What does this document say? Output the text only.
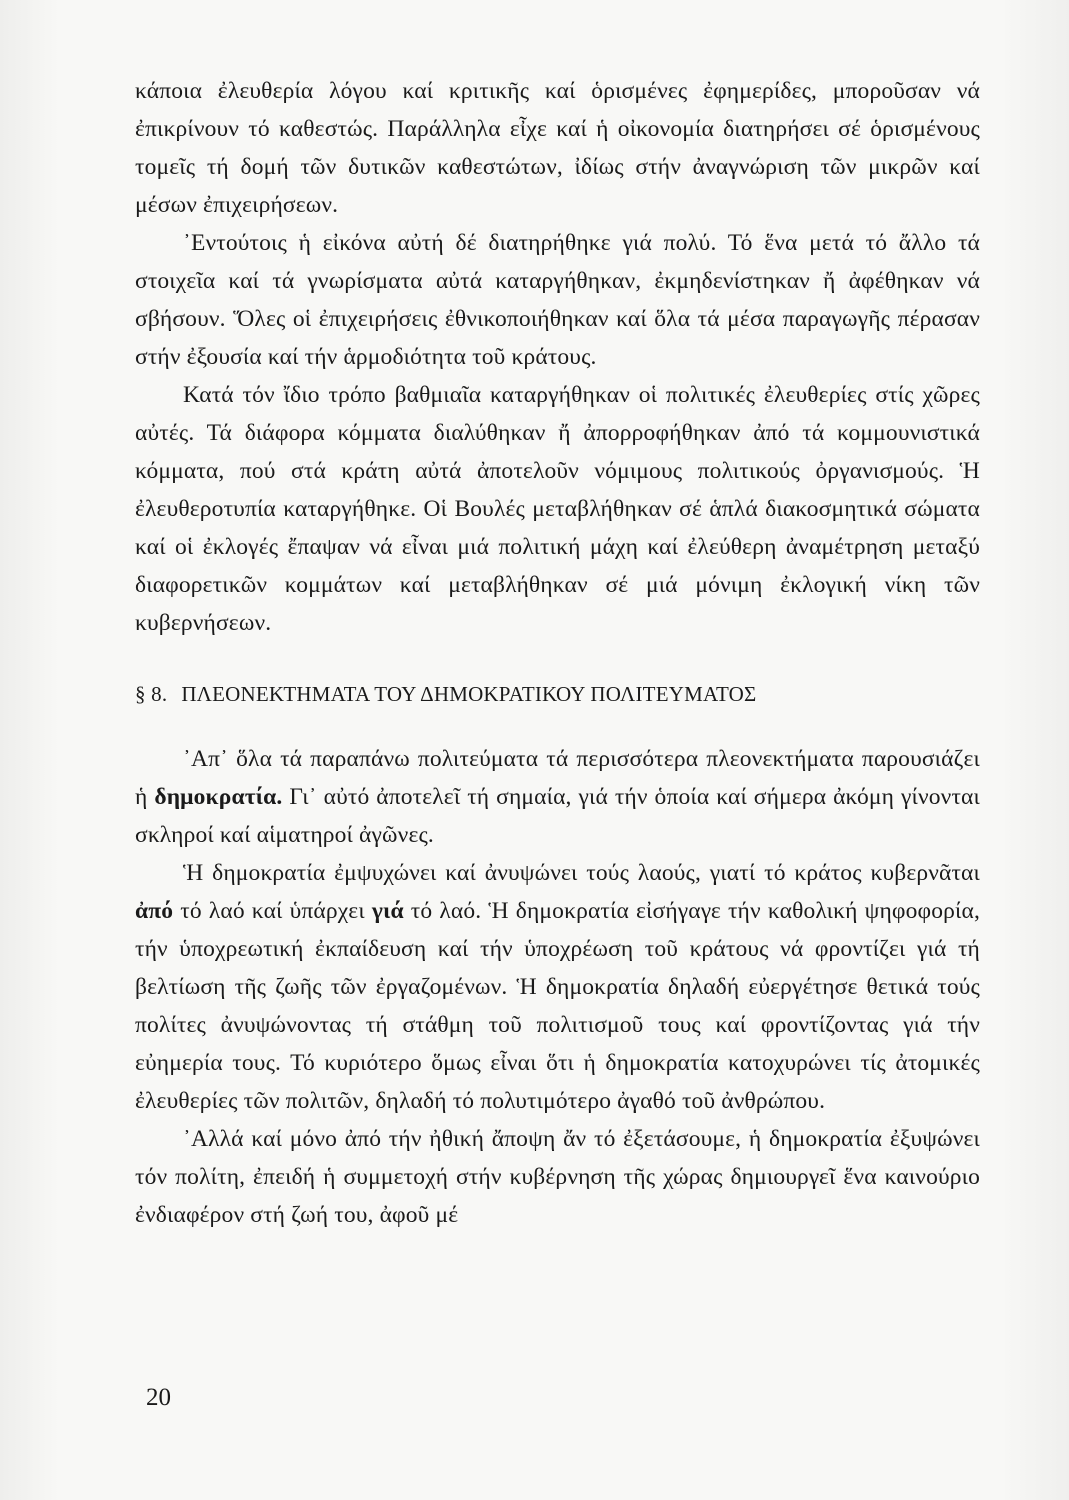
κάποια ἐλευθερία λόγου καί κριτικῆς καί ὁρισμένες ἐφημερίδες, μποροῦσαν νά ἐπικρίνουν τό καθεστώς. Παράλληλα εἶχε καί ἡ οἰκονομία διατηρήσει σέ ὁρισμένους τομεῖς τή δομή τῶν δυτικῶν καθεστώτων, ἰδίως στήν ἀναγνώριση τῶν μικρῶν καί μέσων ἐπιχειρήσεων.

᾿Εντούτοις ἡ εἰκόνα αὐτή δέ διατηρήθηκε γιά πολύ. Τό ἕνα μετά τό ἄλλο τά στοιχεῖα καί τά γνωρίσματα αὐτά καταργήθηκαν, ἐκμηδενίστηκαν ἤ ἀφέθηκαν νά σβήσουν. Ὅλες οἱ ἐπιχειρήσεις ἐθνικοποιήθηκαν καί ὅλα τά μέσα παραγωγῆς πέρασαν στήν ἐξουσία καί τήν ἁρμοδιότητα τοῦ κράτους.

Κατά τόν ἴδιο τρόπο βαθμιαῖα καταργήθηκαν οἱ πολιτικές ἐλευθερίες στίς χῶρες αὐτές. Τά διάφορα κόμματα διαλύθηκαν ἤ ἀπορροφήθηκαν ἀπό τά κομμουνιστικά κόμματα, πού στά κράτη αὐτά ἀποτελοῦν νόμιμους πολιτικούς ὀργανισμούς. Ἡ ἐλευθεροτυπία καταργήθηκε. Οἱ Βουλές μεταβλήθηκαν σέ ἁπλά διακοσμητικά σώματα καί οἱ ἐκλογές ἔπαψαν νά εἶναι μιά πολιτική μάχη καί ἐλεύθερη ἀναμέτρηση μεταξύ διαφορετικῶν κομμάτων καί μεταβλήθηκαν σέ μιά μόνιμη ἐκλογική νίκη τῶν κυβερνήσεων.

§ 8. ΠΛΕΟΝΕΚΤΗΜΑΤΑ ΤΟΥ ΔΗΜΟΚΡΑΤΙΚΟΥ ΠΟΛΙΤΕΥΜΑΤΟΣ

᾿Απ᾿ ὅλα τά παραπάνω πολιτεύματα τά περισσότερα πλεονεκτήματα παρουσιάζει ἡ δημοκρατία. Γι᾿ αὐτό ἀποτελεῖ τή σημαία, γιά τήν ὁποία καί σήμερα ἀκόμη γίνονται σκληροί καί αἱματηροί ἀγῶνες.

Ἡ δημοκρατία ἐμψυχώνει καί ἀνυψώνει τούς λαούς, γιατί τό κράτος κυβερνᾶται ἀπό τό λαό καί ὑπάρχει γιά τό λαό. Ἡ δημοκρατία εἰσήγαγε τήν καθολική ψηφοφορία, τήν ὑποχρεωτική ἐκπαίδευση καί τήν ὑποχρέωση τοῦ κράτους νά φροντίζει γιά τή βελτίωση τῆς ζωῆς τῶν ἐργαζομένων. Ἡ δημοκρατία δηλαδή εὐεργέτησε θετικά τούς πολίτες ἀνυψώνοντας τή στάθμη τοῦ πολιτισμοῦ τους καί φροντίζοντας γιά τήν εὐημερία τους. Τό κυριότερο ὅμως εἶναι ὅτι ἡ δημοκρατία κατοχυρώνει τίς ἀτομικές ἐλευθερίες τῶν πολιτῶν, δηλαδή τό πολυτιμότερο ἀγαθό τοῦ ἀνθρώπου.

᾿Αλλά καί μόνο ἀπό τήν ἠθική ἄποψη ἄν τό ἐξετάσουμε, ἡ δημοκρατία ἐξυψώνει τόν πολίτη, ἐπειδή ἡ συμμετοχή στήν κυβέρνηση τῆς χώρας δημιουργεῖ ἕνα καινούριο ἐνδιαφέρον στή ζωή του, ἀφοῦ μέ

20
